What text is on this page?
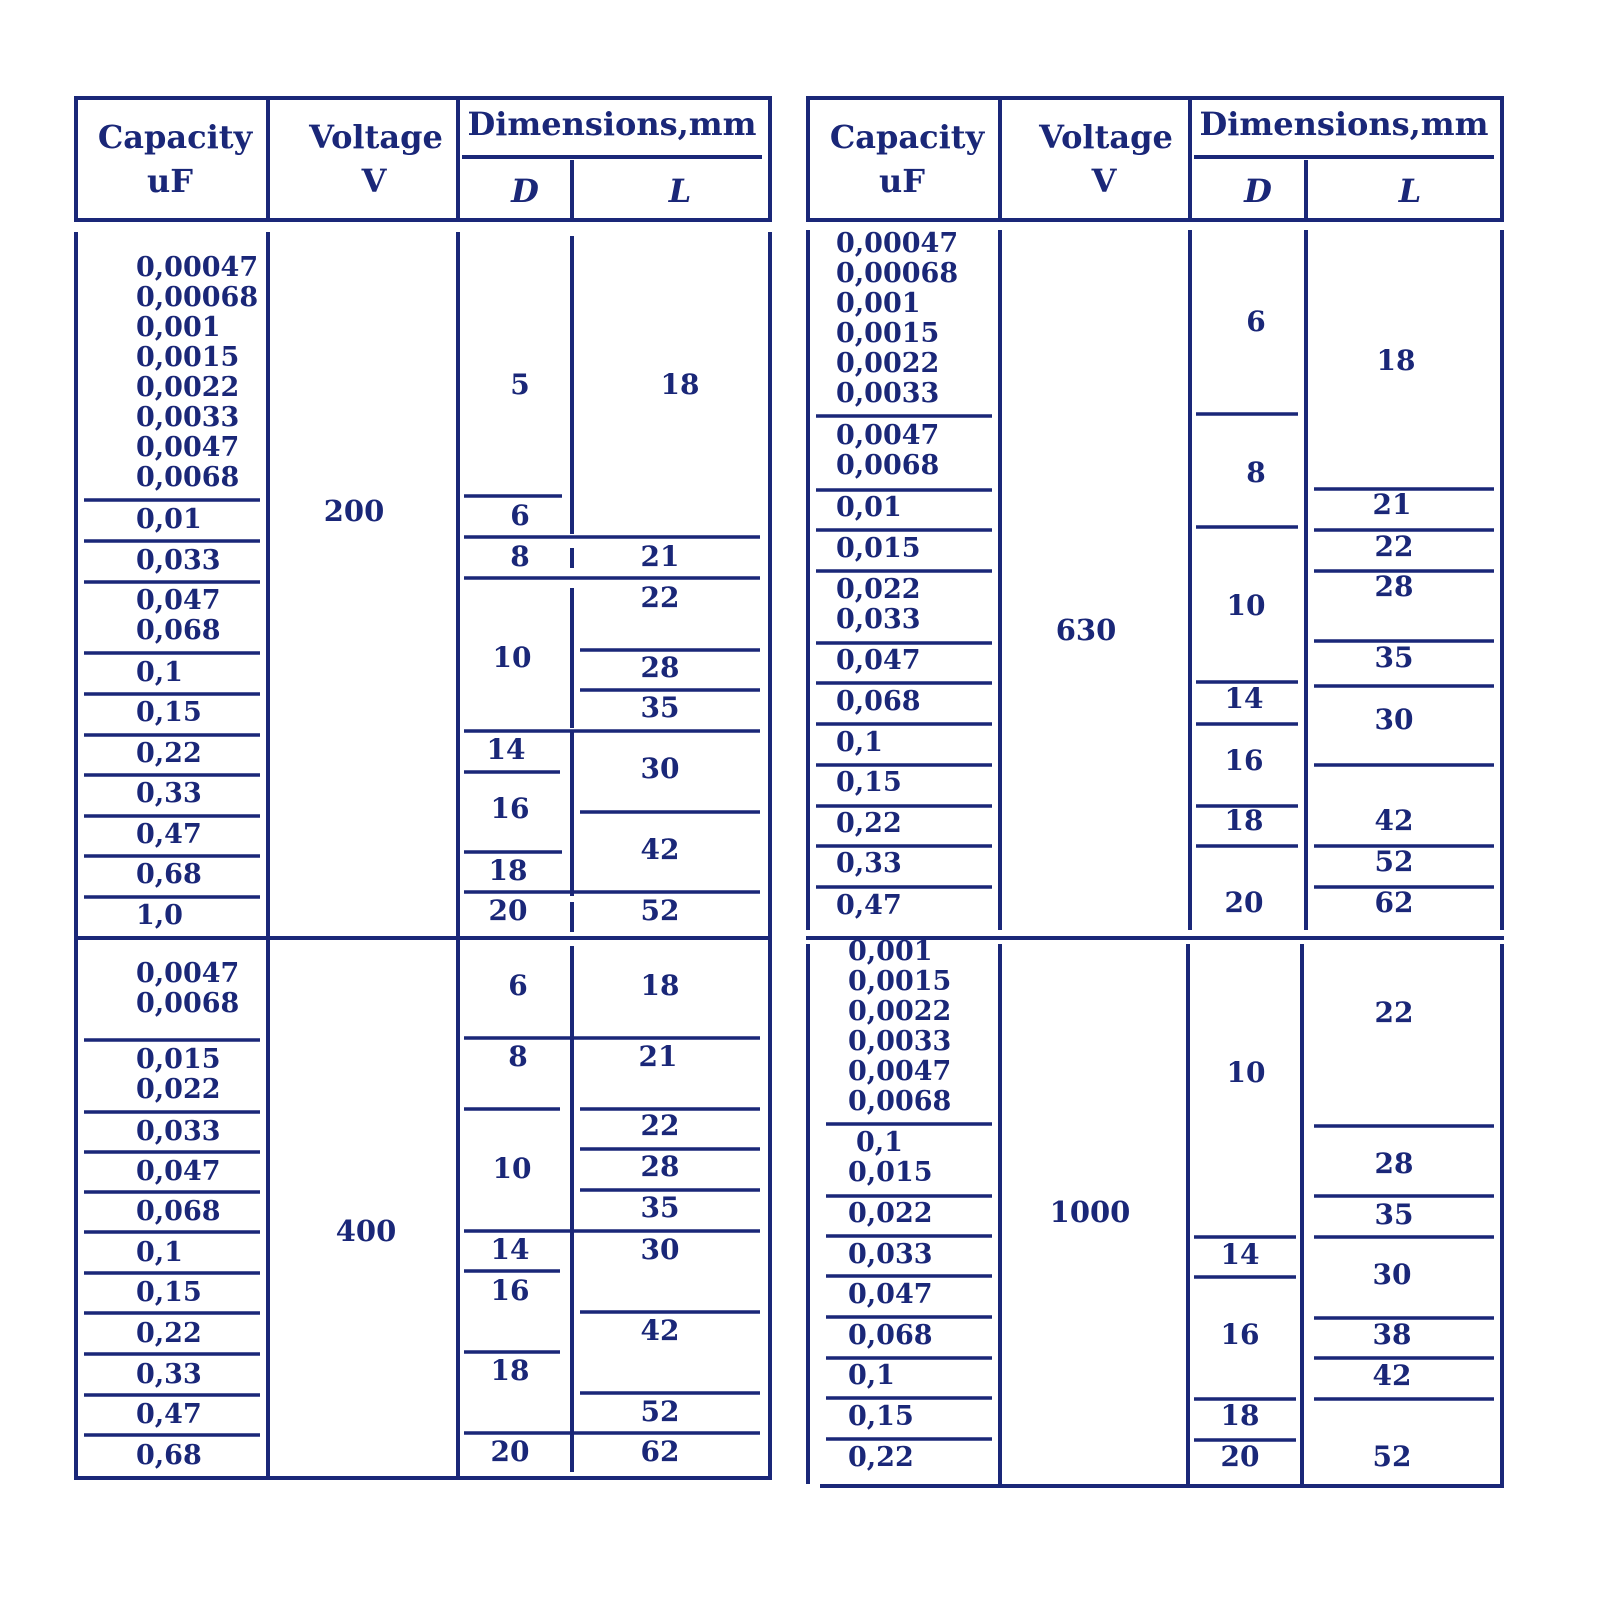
Capacity
uF
Voltage
V
Dimensions,mm
D	L
0,00047
0,00068
0,001
0,0015
0,0022
0,0033
0,0047
0,0068
0,01
0,033
0,047
0,068
0,1
0,15
0,22
0,33
0,47
0,68
1,0
200
5
6
8
10
14
16
18
20
18
21
22
28
35
30
42
52
0,0047
0,0068
0,015
0,022
0,033
0,047
0,068
0,1
0,15
0,22
0,33
0,47
0,68
400
6
8
10
14
16
18
20
18
21
22
28
35
30
42
52
62
Capacity
uF
Voltage
V
Dimensions,mm
D	L
0,00047
0,00068
0,001
0,0015
0,0022
0,0033
0,0047
0,0068
0,01
0,015
0,022
0,033
0,047
0,068
0,1
0,15
0,22
0,33
0,47
630
6
8
10
14
16
18
20
18
21
22
28
35
30
42
52
62
0,001
0,0015
0,0022
0,0033
0,0047
0,0068
0,1
0,015
0,022
0,033
0,047
0,068
0,1
0,15
0,22
1000
10
14
16
18
20
22
28
35
30
38
42
52
